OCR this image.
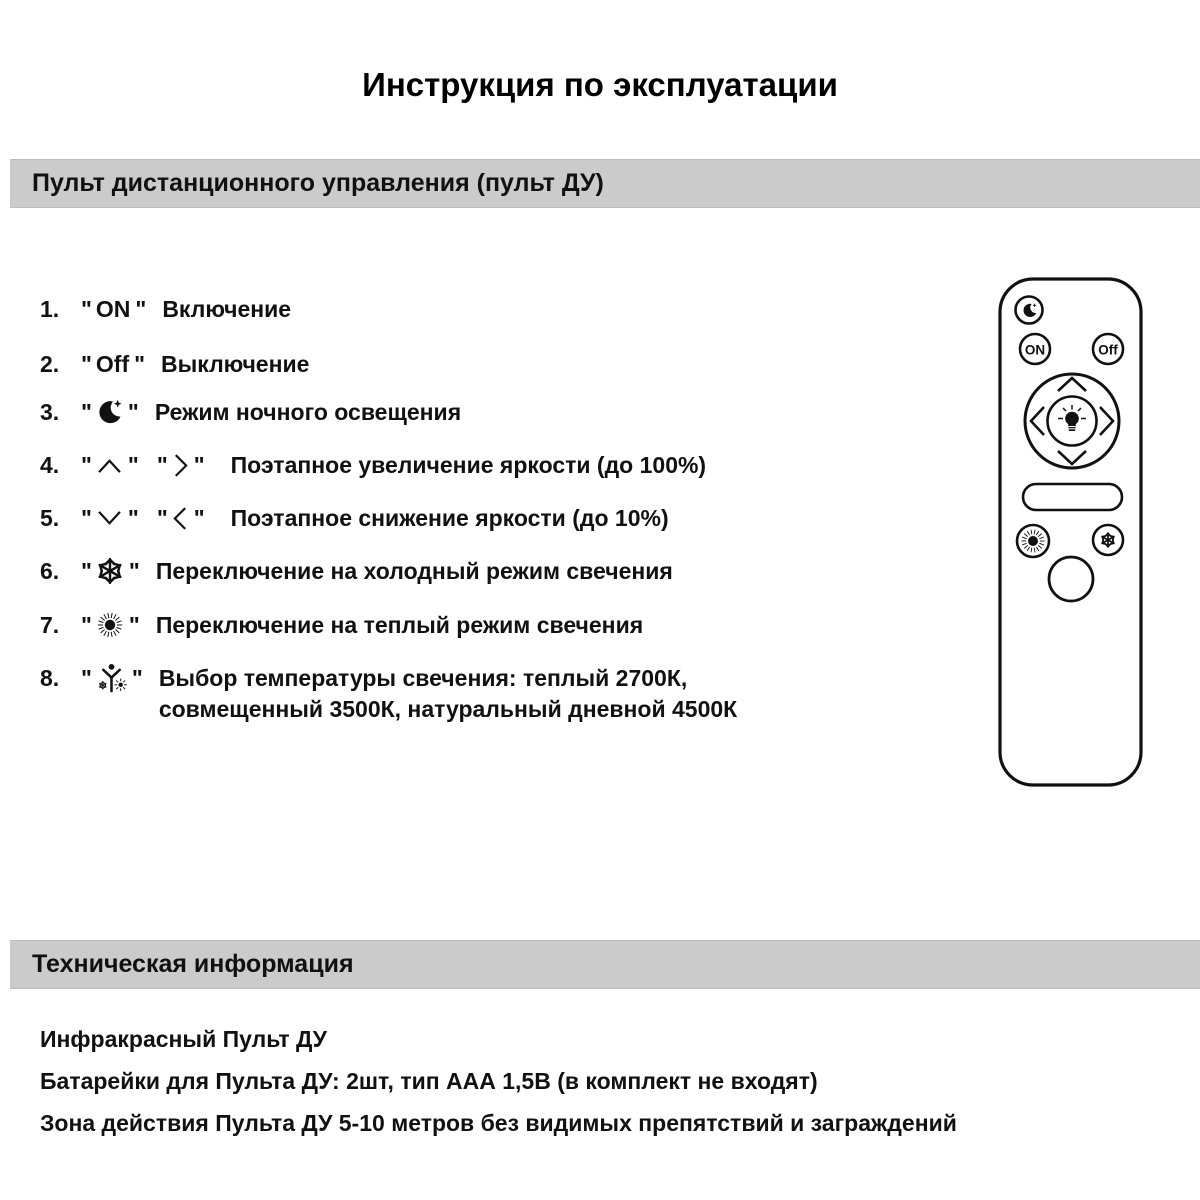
Инструкция по эксплуатации
Пульт дистанционного управления (пульт ДУ)
1. " ON " Включение
2. " Off " Выключение
3. " " Режим ночного освещения
4. " " " " Поэтапное увеличение яркости (до 100%)
5. " " " " Поэтапное снижение яркости (до 10%)
6. " " Переключение на холодный режим свечения
7. " " Переключение на теплый режим свечения
8. " " Выбор температуры свечения: теплый 2700К,
совмещенный 3500К, натуральный дневной 4500К
ON	Off
Техническая информация
Инфракрасный Пульт ДУ
Батарейки для Пульта ДУ: 2шт, тип ААА 1,5В (в комплект не входят)
Зона действия Пульта ДУ 5-10 метров без видимых препятствий и заграждений
